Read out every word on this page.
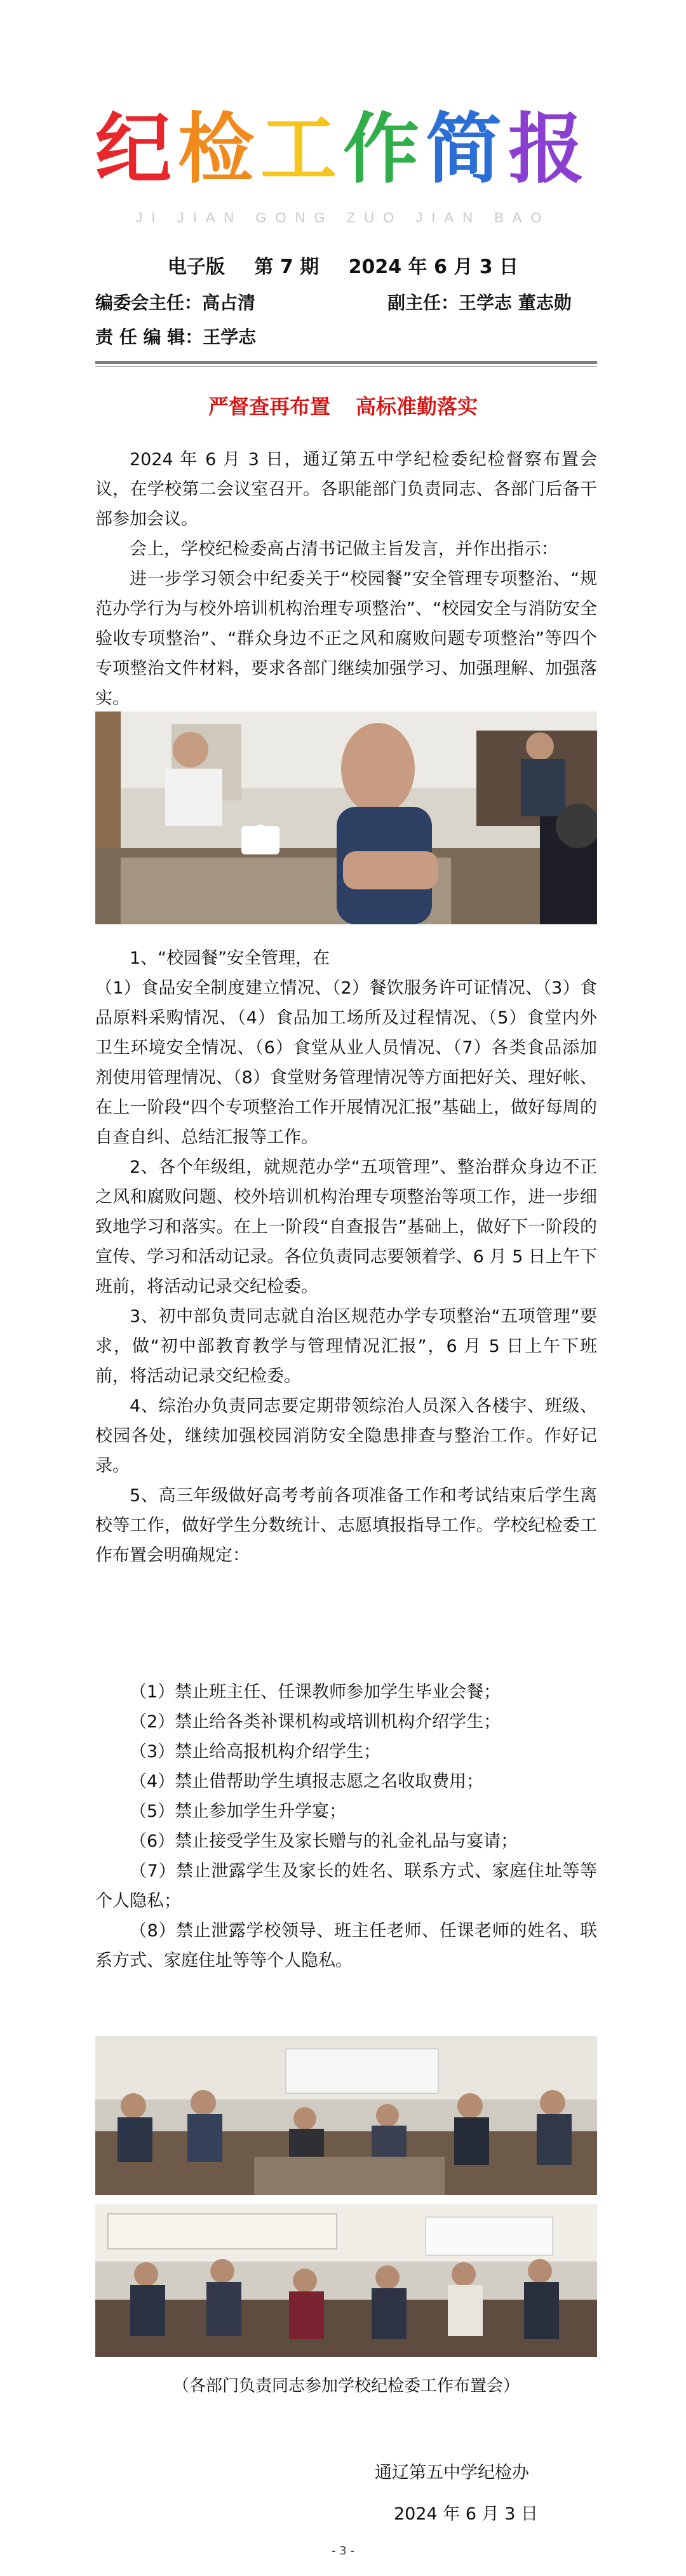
纪检工作简报
JI JIAN GONG ZUO JIAN BAO
电子版 第 7 期 2024 年 6 月 3 日
编委会主任：高占清	副主任：王学志 董志勋
责 任 编 辑：王学志
严督查再布置 高标准勤落实

2024 年 6 月 3 日，通辽第五中学纪检委纪检督察布置会议，在学校第二会议室召开。各职能部门负责同志、各部门后备干部参加会议。

会上，学校纪检委高占清书记做主旨发言，并作出指示：

进一步学习领会中纪委关于“校园餐”安全管理专项整治、“规范办学行为与校外培训机构治理专项整治”、“校园安全与消防安全验收专项整治”、“群众身边不正之风和腐败问题专项整治”等四个专项整治文件材料，要求各部门继续加强学习、加强理解、加强落实。

1、“校园餐”安全管理，在

（1）食品安全制度建立情况、（2）餐饮服务许可证情况、（3）食品原料采购情况、（4）食品加工场所及过程情况、（5）食堂内外卫生环境安全情况、（6）食堂从业人员情况、（7）各类食品添加剂使用管理情况、（8）食堂财务管理情况等方面把好关、理好帐、在上一阶段“四个专项整治工作开展情况汇报”基础上，做好每周的自查自纠、总结汇报等工作。

2、各个年级组，就规范办学“五项管理”、整治群众身边不正之风和腐败问题、校外培训机构治理专项整治等项工作，进一步细致地学习和落实。在上一阶段“自查报告”基础上，做好下一阶段的宣传、学习和活动记录。各位负责同志要领着学、6 月 5 日上午下班前，将活动记录交纪检委。

3、初中部负责同志就自治区规范办学专项整治“五项管理”要求，做“初中部教育教学与管理情况汇报”，6 月 5 日上午下班前，将活动记录交纪检委。

4、综治办负责同志要定期带领综治人员深入各楼宇、班级、校园各处，继续加强校园消防安全隐患排查与整治工作。作好记录。

5、高三年级做好高考考前各项准备工作和考试结束后学生离校等工作，做好学生分数统计、志愿填报指导工作。学校纪检委工作布置会明确规定：

（1）禁止班主任、任课教师参加学生毕业会餐；

（2）禁止给各类补课机构或培训机构介绍学生；

（3）禁止给高报机构介绍学生；

（4）禁止借帮助学生填报志愿之名收取费用；

（5）禁止参加学生升学宴；

（6）禁止接受学生及家长赠与的礼金礼品与宴请；

（7）禁止泄露学生及家长的姓名、联系方式、家庭住址等等个人隐私；

（8）禁止泄露学校领导、班主任老师、任课老师的姓名、联系方式、家庭住址等等个人隐私。

（各部门负责同志参加学校纪检委工作布置会）
通辽第五中学纪检办
2024 年 6 月 3 日
- 3 -
